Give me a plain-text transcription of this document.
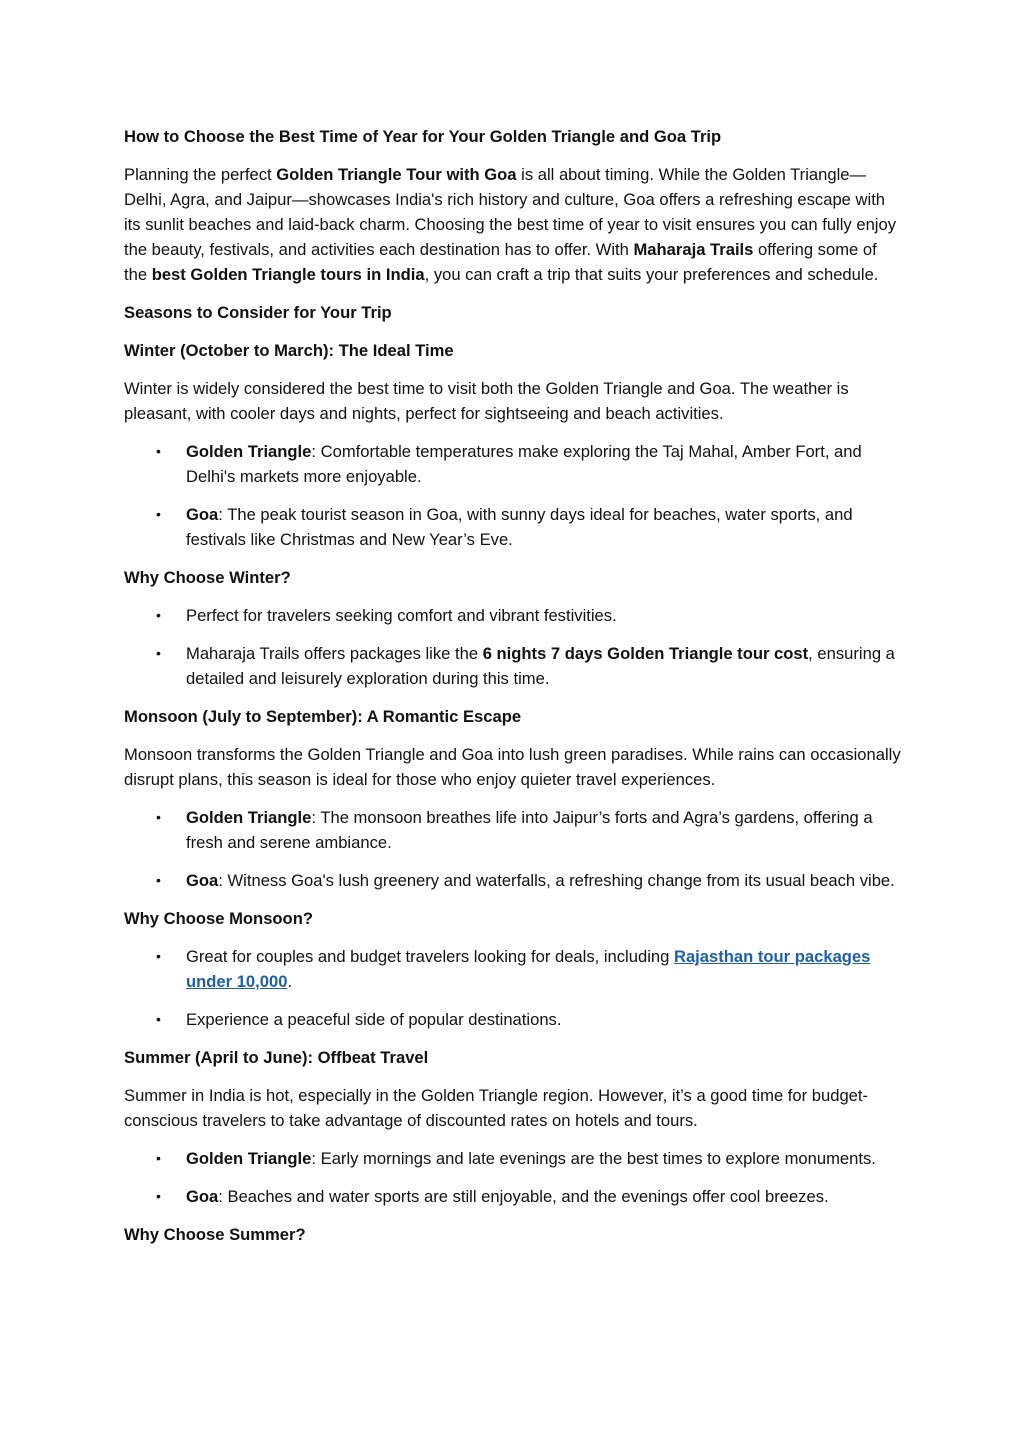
How to Choose the Best Time of Year for Your Golden Triangle and Goa Trip

Planning the perfect Golden Triangle Tour with Goa is all about timing. While the Golden Triangle—Delhi, Agra, and Jaipur—showcases India's rich history and culture, Goa offers a refreshing escape with its sunlit beaches and laid-back charm. Choosing the best time of year to visit ensures you can fully enjoy the beauty, festivals, and activities each destination has to offer. With Maharaja Trails offering some of the best Golden Triangle tours in India, you can craft a trip that suits your preferences and schedule.

Seasons to Consider for Your Trip
Winter (October to March): The Ideal Time

Winter is widely considered the best time to visit both the Golden Triangle and Goa. The weather is pleasant, with cooler days and nights, perfect for sightseeing and beach activities.

• Golden Triangle: Comfortable temperatures make exploring the Taj Mahal, Amber Fort, and Delhi's markets more enjoyable.
• Goa: The peak tourist season in Goa, with sunny days ideal for beaches, water sports, and festivals like Christmas and New Year’s Eve.
Why Choose Winter?
• Perfect for travelers seeking comfort and vibrant festivities.
• Maharaja Trails offers packages like the 6 nights 7 days Golden Triangle tour cost, ensuring a detailed and leisurely exploration during this time.
Monsoon (July to September): A Romantic Escape

Monsoon transforms the Golden Triangle and Goa into lush green paradises. While rains can occasionally disrupt plans, this season is ideal for those who enjoy quieter travel experiences.

• Golden Triangle: The monsoon breathes life into Jaipur’s forts and Agra’s gardens, offering a fresh and serene ambiance.
• Goa: Witness Goa's lush greenery and waterfalls, a refreshing change from its usual beach vibe.
Why Choose Monsoon?
• Great for couples and budget travelers looking for deals, including Rajasthan tour packages under 10,000.
• Experience a peaceful side of popular destinations.
Summer (April to June): Offbeat Travel

Summer in India is hot, especially in the Golden Triangle region. However, it’s a good time for budget-conscious travelers to take advantage of discounted rates on hotels and tours.

• Golden Triangle: Early mornings and late evenings are the best times to explore monuments.
• Goa: Beaches and water sports are still enjoyable, and the evenings offer cool breezes.
Why Choose Summer?
